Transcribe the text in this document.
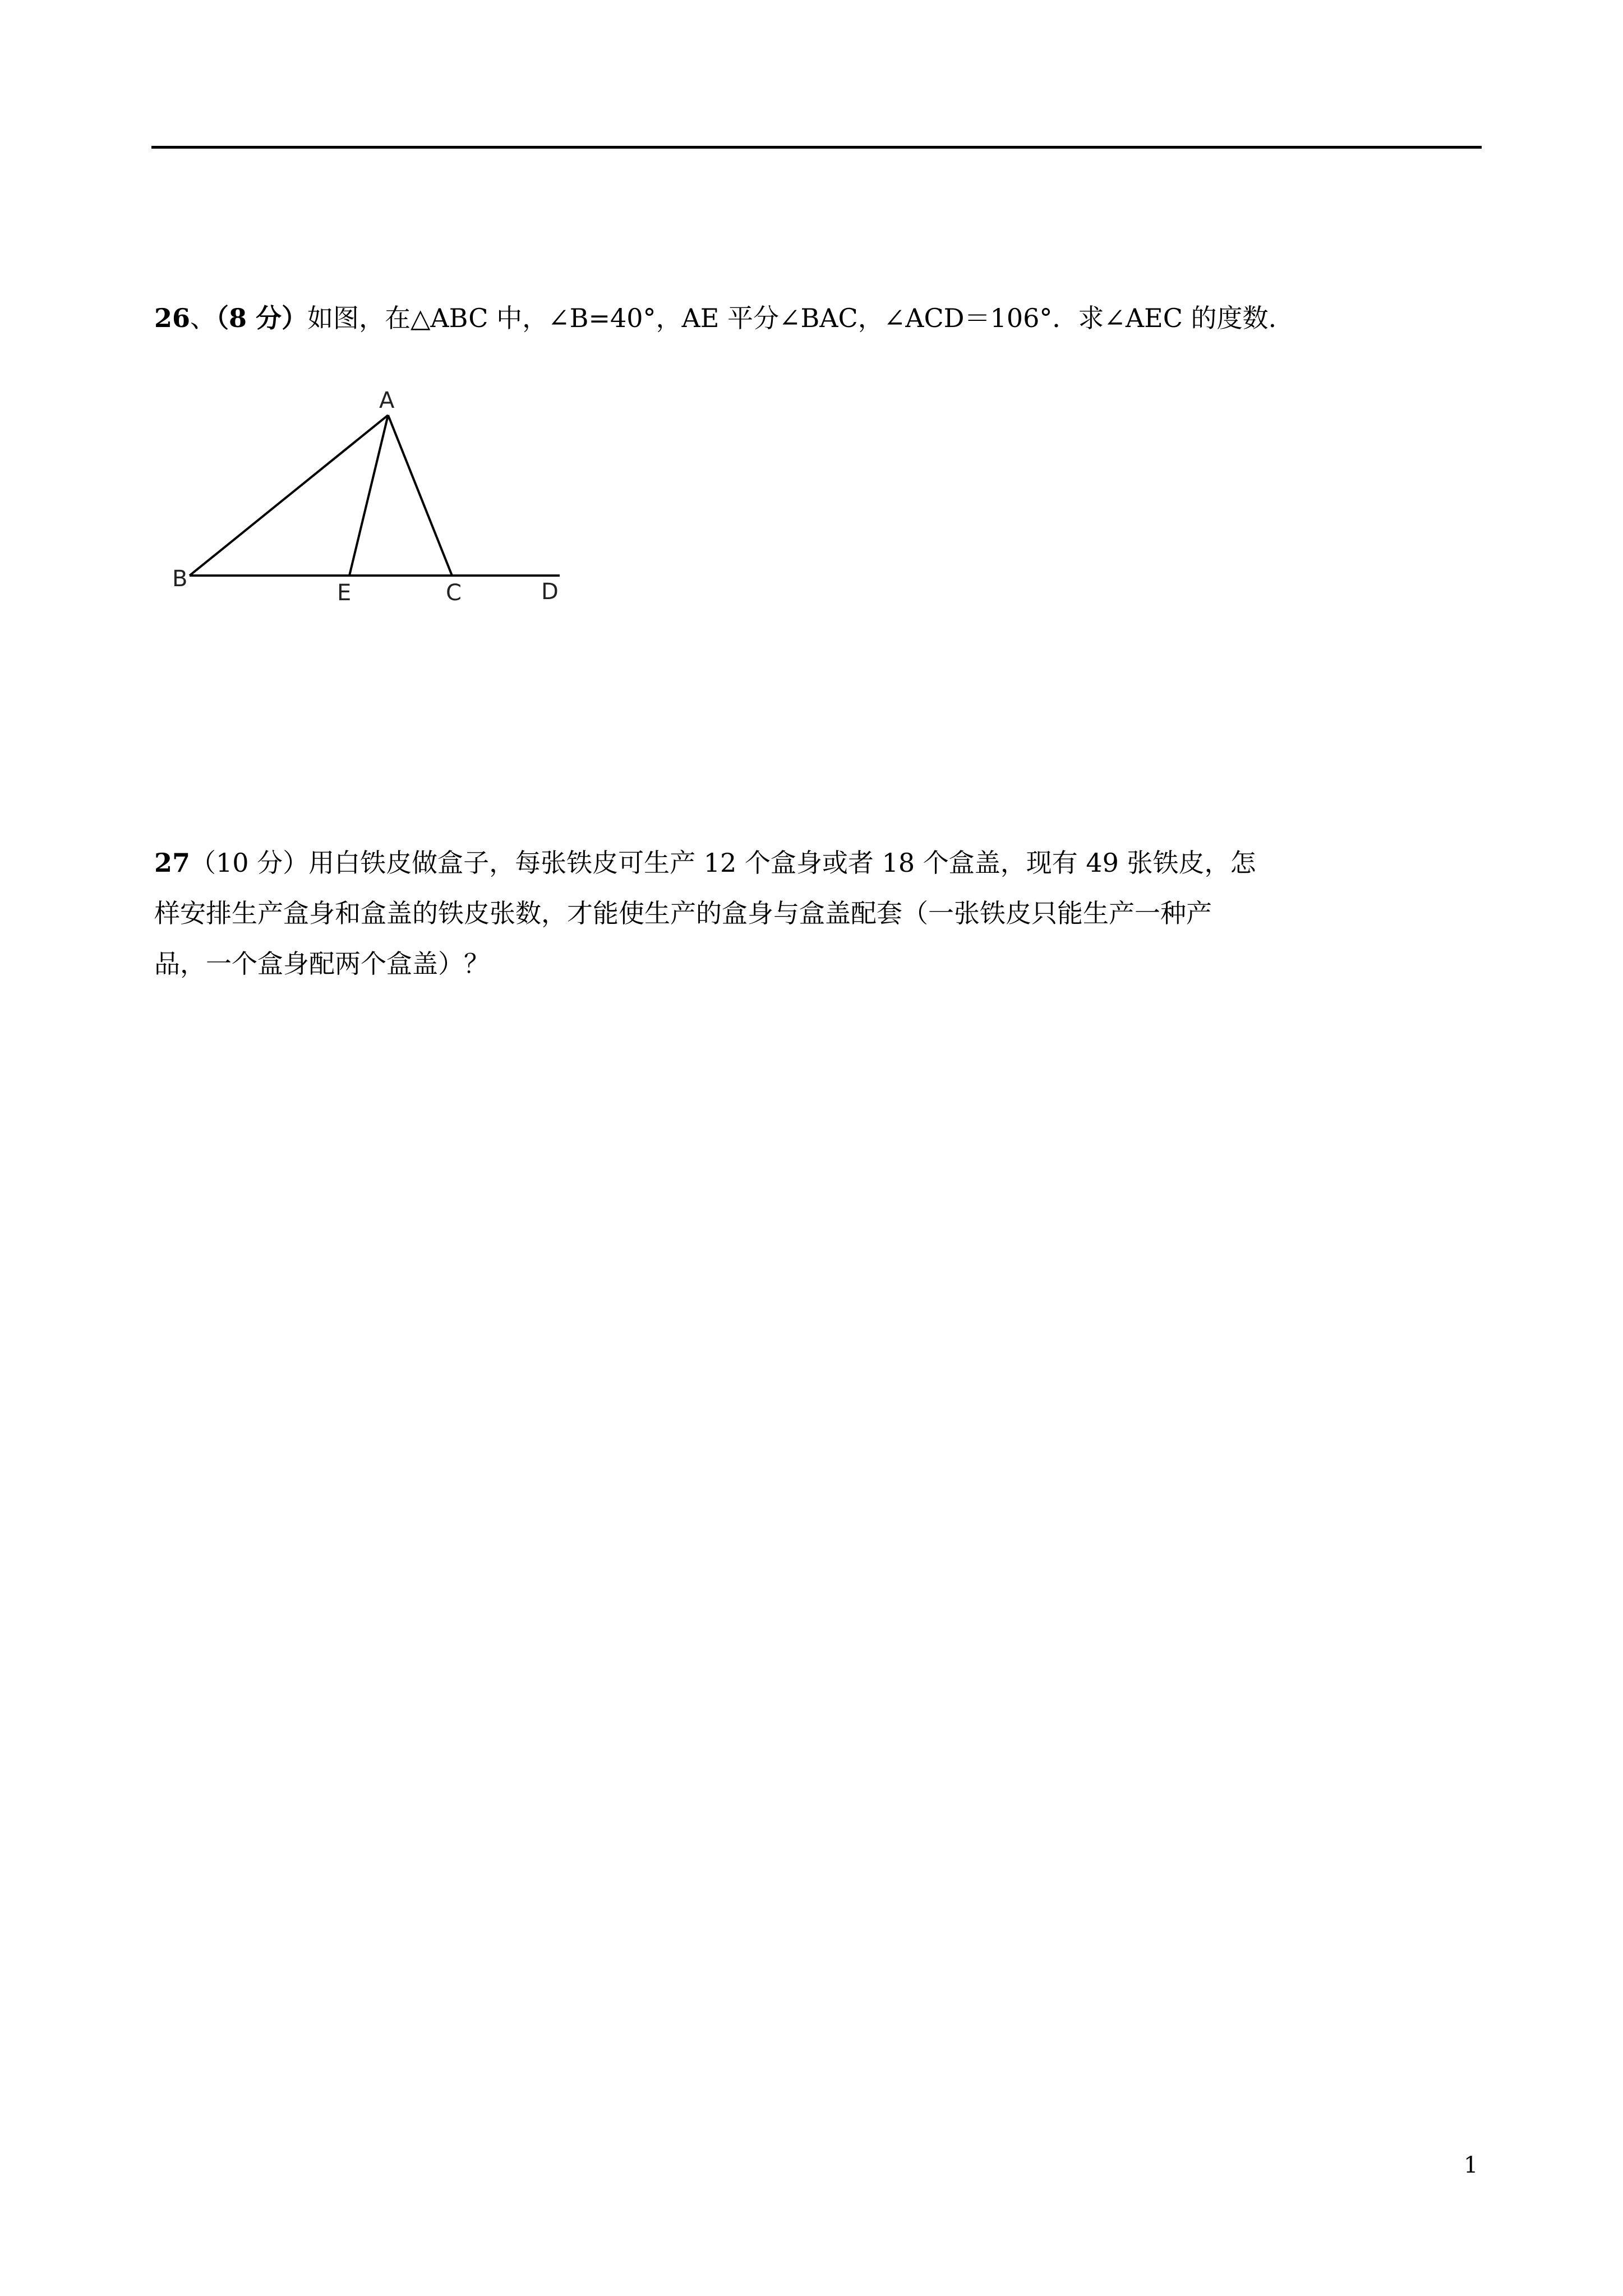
26、（8 分）如图，在△ABC 中，∠B=40°，AE 平分∠BAC，∠ACD＝106°．求∠AEC 的度数.
A
B
E	C	D
27（10 分）用白铁皮做盒子，每张铁皮可生产 12 个盒身或者 18 个盒盖，现有 49 张铁皮，怎
样安排生产盒身和盒盖的铁皮张数，才能使生产的盒身与盒盖配套（一张铁皮只能生产一种产
品，一个盒身配两个盒盖）？
1
